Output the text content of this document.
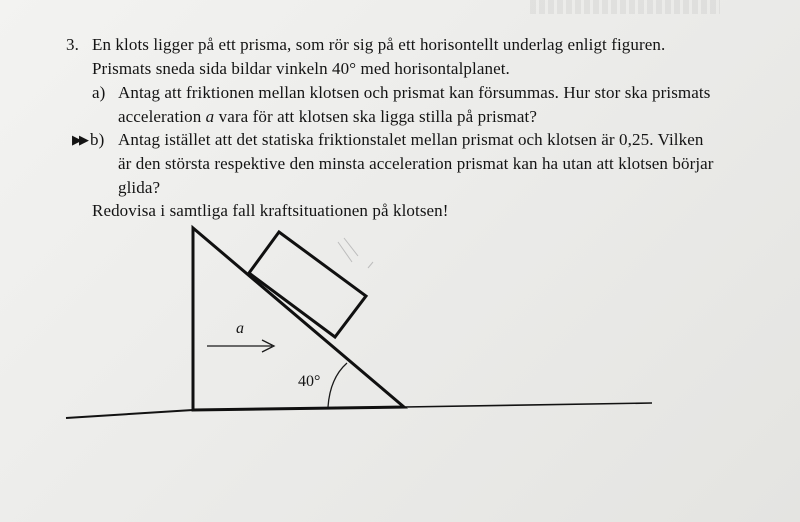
3. En klots ligger på ett prisma, som rör sig på ett horisontellt underlag enligt figuren.
Prismats sneda sida bildar vinkeln 40° med horisontalplanet.
a) Antag att friktionen mellan klotsen och prismat kan försummas. Hur stor ska prismats
acceleration a vara för att klotsen ska ligga stilla på prismat?
▶▶ b) Antag istället att det statiska friktionstalet mellan prismat och klotsen är 0,25. Vilken
är den största respektive den minsta acceleration prismat kan ha utan att klotsen börjar
glida?
Redovisa i samtliga fall kraftsituationen på klotsen!
a
40°
